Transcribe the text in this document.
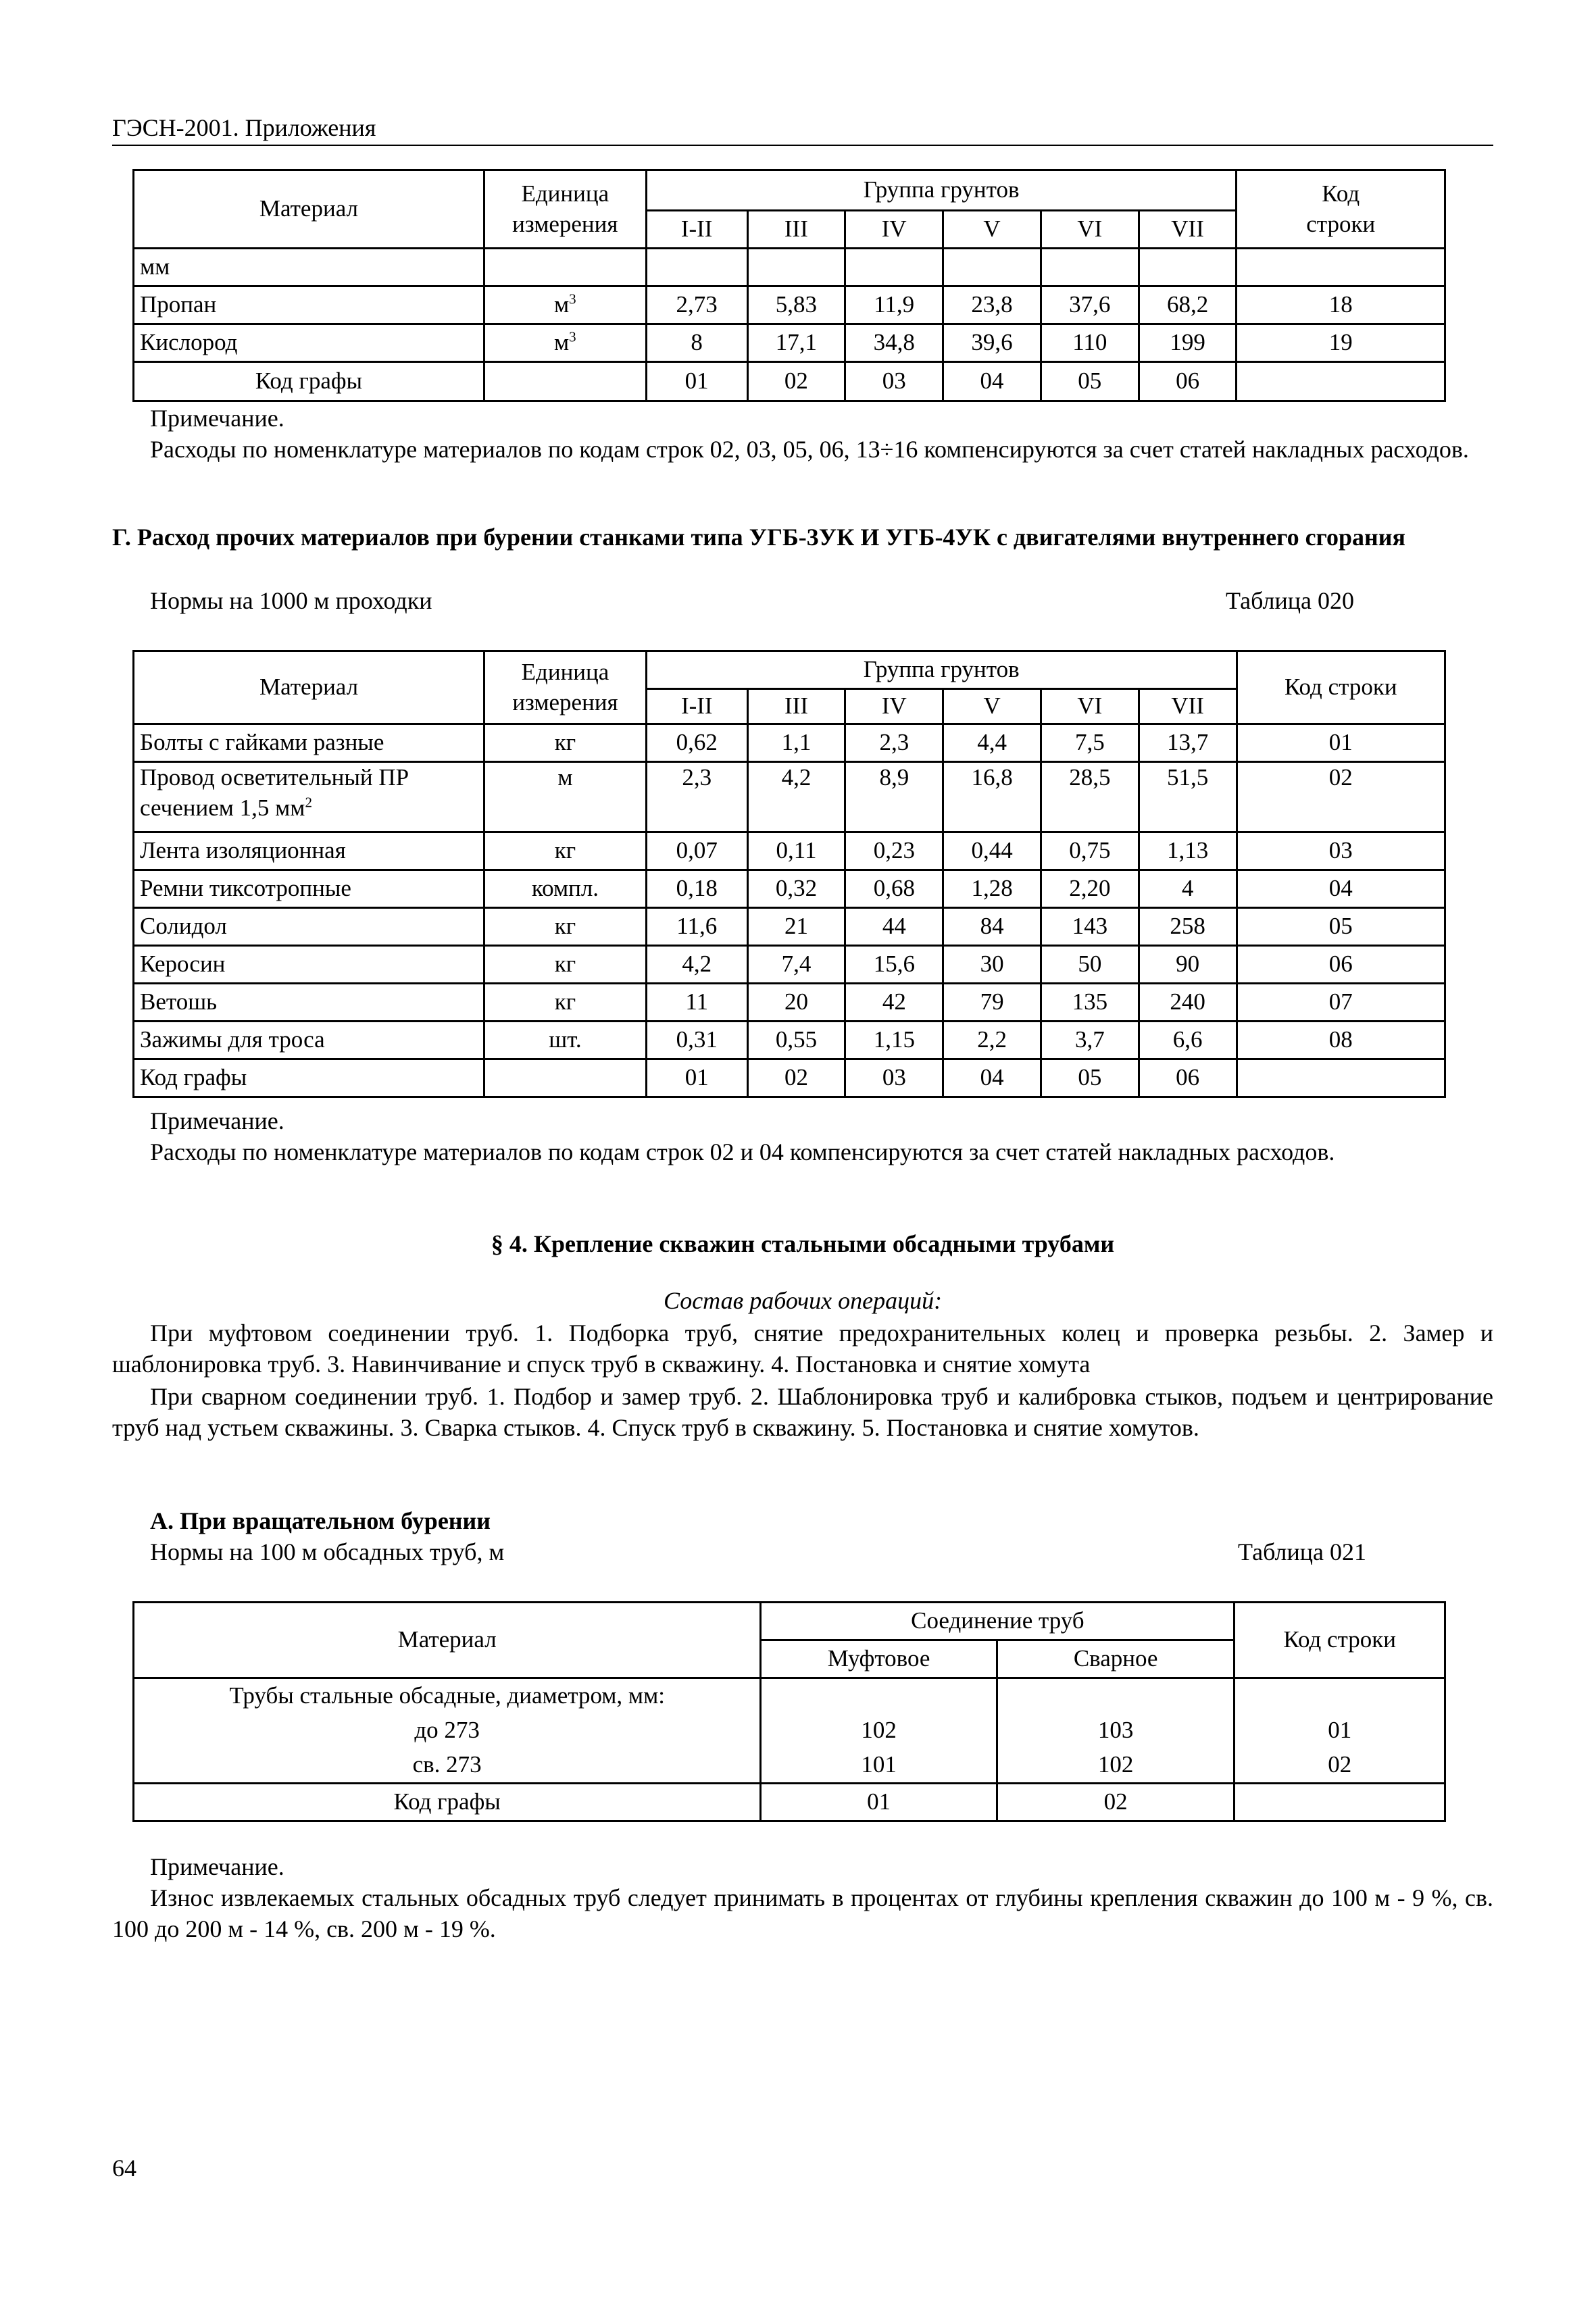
ГЭСН-2001. Приложения
Материал	Единица
измерения	Группа грунтов						Код
строки
		I-II	III	IV	V	VI	VII	
мм								
Пропан	$м^3$	2,73	5,83	11,9	23,8	37,6	68,2	18
Кислород	$м^3$	8	17,1	34,8	39,6	110	199	19
Код графы		01	02	03	04	05	06	
Примечание.
Расходы по номенклатуре материалов по кодам строк 02, 03, 05, 06, 13÷16 компенсируются за счет статей накладных расходов.
Г. Расход прочих материалов при бурении станками типа УГБ-3УК И УГБ-4УК с двигателями внутреннего сгорания
Нормы на 1000 м проходки	Таблица 020
Материал	Единица
измерения	Группа грунтов						Код строки
		I-II	III	IV	V	VI	VII	
Болты с гайками разные	кг	0,62	1,1	2,3	4,4	7,5	13,7	01
Провод осветительный ПР
сечением 1,5 $мм^2$	м	2,3	4,2	8,9	16,8	28,5	51,5	02
Лента изоляционная	кг	0,07	0,11	0,23	0,44	0,75	1,13	03
Ремни тиксотропные	компл.	0,18	0,32	0,68	1,28	2,20	4	04
Солидол	кг	11,6	21	44	84	143	258	05
Керосин	кг	4,2	7,4	15,6	30	50	90	06
Ветошь	кг	11	20	42	79	135	240	07
Зажимы для троса	шт.	0,31	0,55	1,15	2,2	3,7	6,6	08
Код графы		01	02	03	04	05	06	
Примечание.
Расходы по номенклатуре материалов по кодам строк 02 и 04 компенсируются за счет статей накладных расходов.
§ 4. Крепление скважин стальными обсадными трубами
Состав рабочих операций:
При муфтовом соединении труб. 1. Подборка труб, снятие предохранительных колец и проверка резьбы. 2. Замер и шаблонировка труб. 3. Навинчивание и спуск труб в скважину. 4. Постановка и снятие хомута
При сварном соединении труб. 1. Подбор и замер труб. 2. Шаблонировка труб и калибровка стыков, подъем и центрирование труб над устьем скважины. 3. Сварка стыков. 4. Спуск труб в скважину. 5. Постановка и снятие хомутов.
А. При вращательном бурении
Нормы на 100 м обсадных труб, м	Таблица 021
Материал	Соединение труб		Код строки
	Муфтовое	Сварное	
Трубы стальные обсадные, диаметром, мм:			
до 273	102	103	01
св. 273	101	102	02
Код графы	01	02	
Примечание.
Износ извлекаемых стальных обсадных труб следует принимать в процентах от глубины крепления скважин до 100 м - 9 %, св. 100 до 200 м - 14 %, св. 200 м - 19 %.
64
